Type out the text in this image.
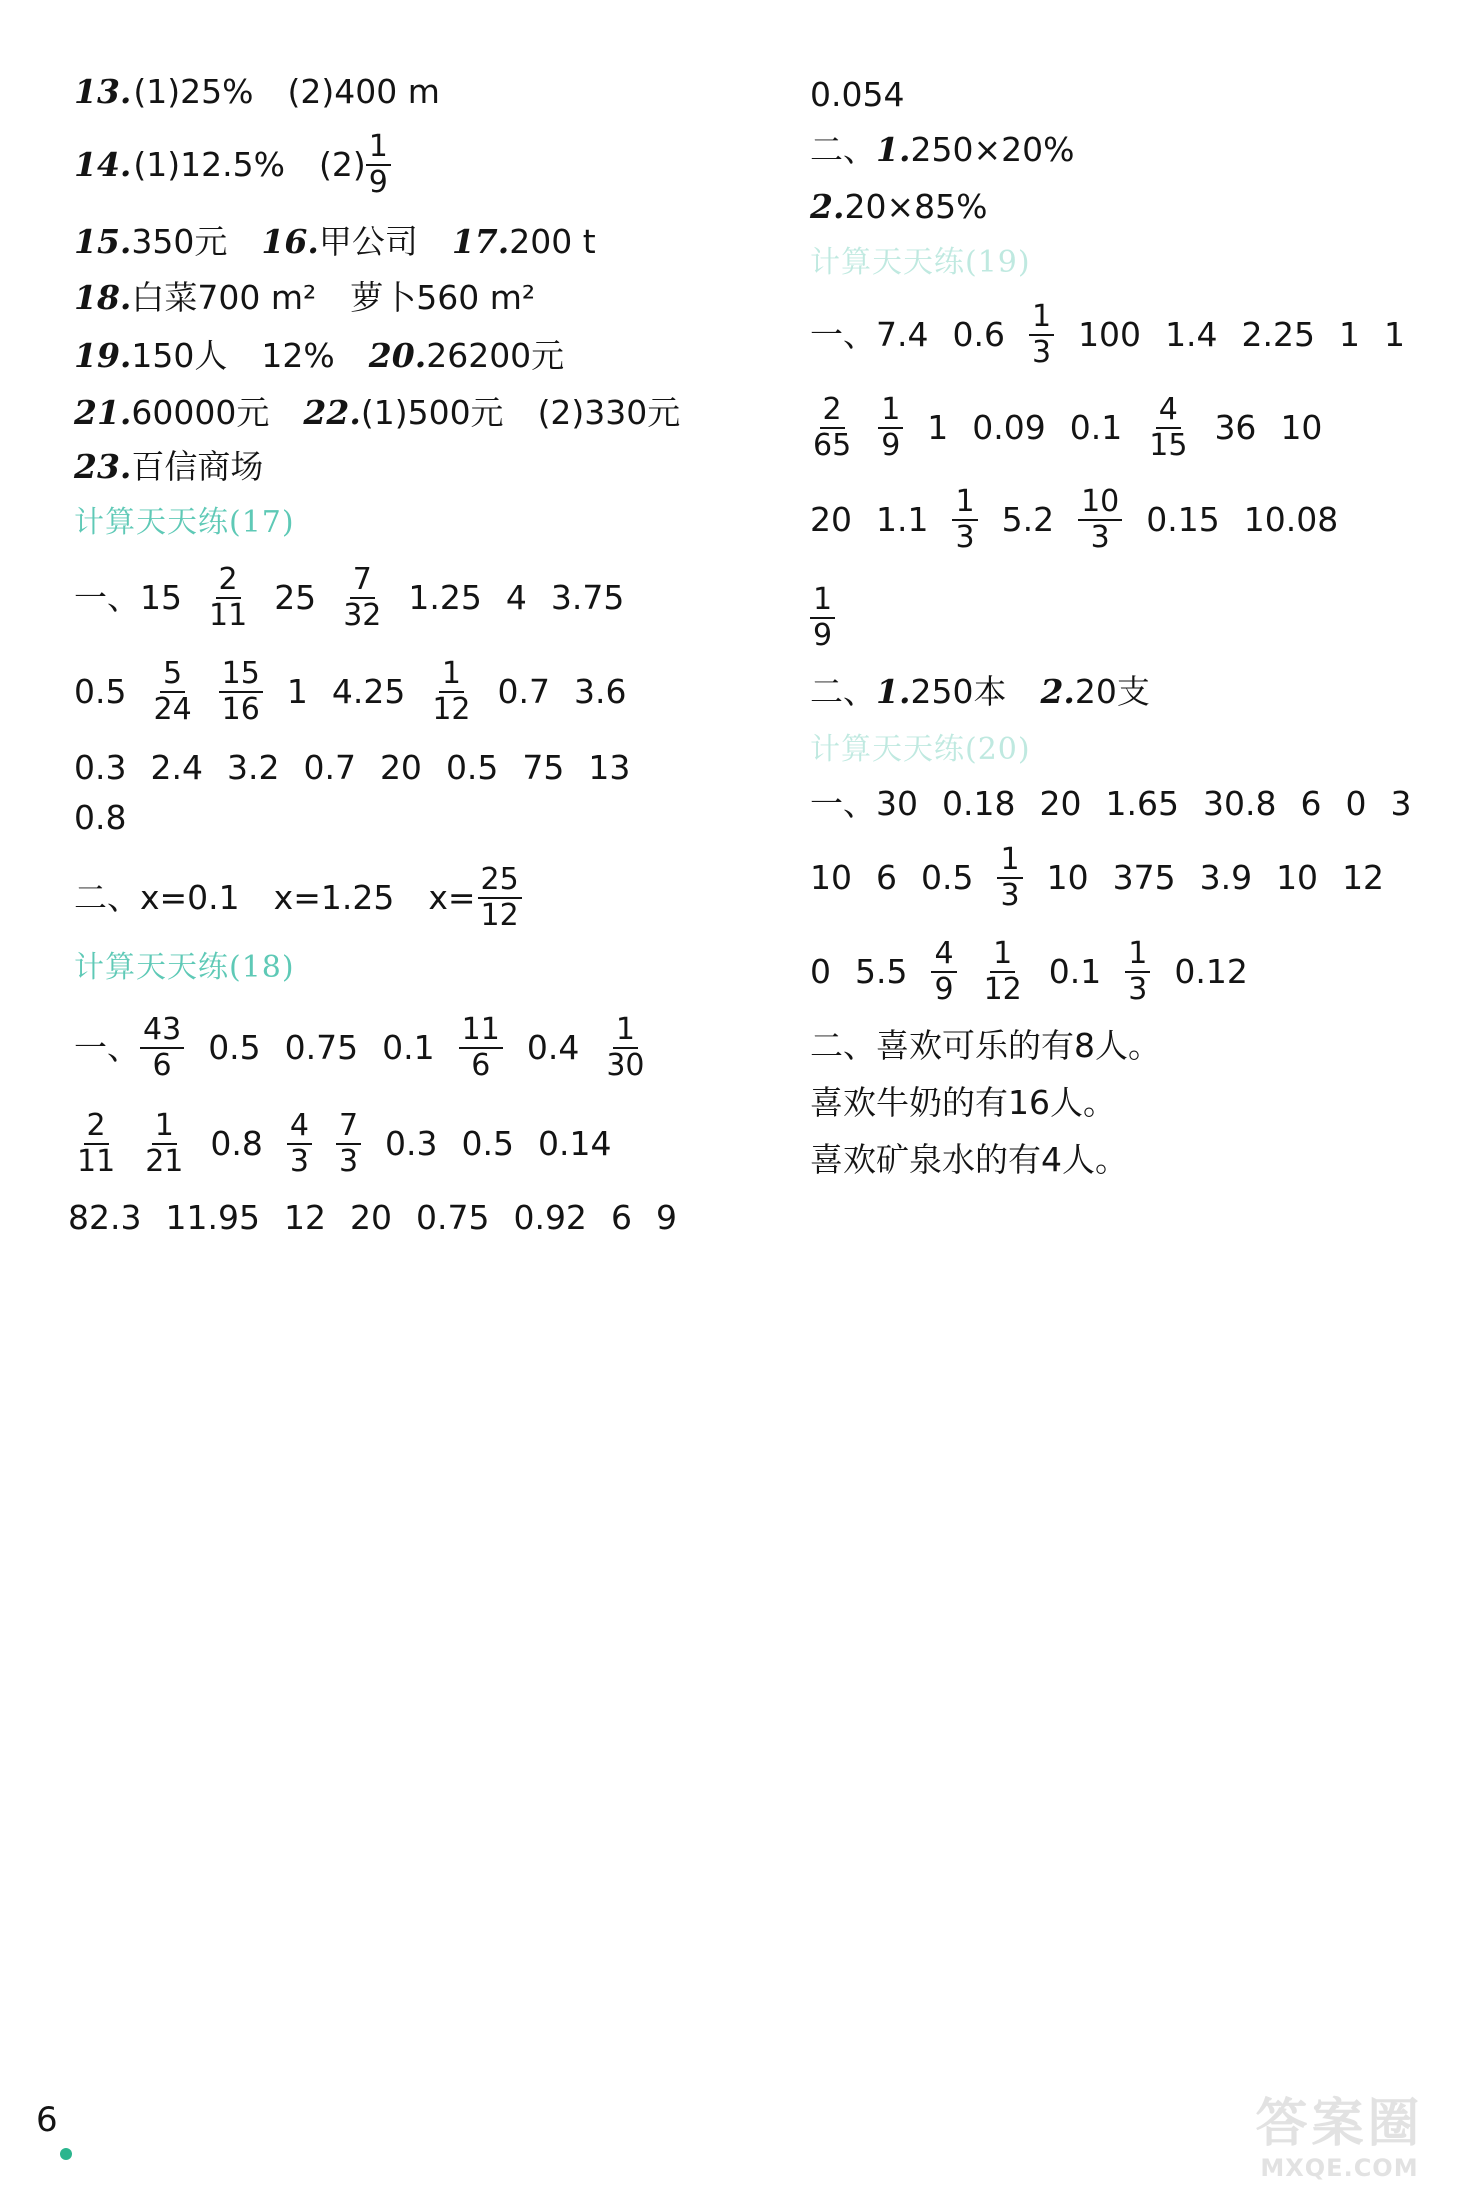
13. (1)25% (2)400 m
14. (1)12.5% $(2) \frac{1}{9}$
15. 350元 16. 甲公司 17. 200 t
18. 白菜700 m² 萝卜560 m²
19. 150人 12% 20. 26200元
21. 60000元 22. (1)500元 (2)330元
23. 百信商场
计算天天练(17)
一、$15 \frac{2}{11} 25 \frac{7}{32} 1.25$ 4 3.75
$0.5 \frac{5}{24} \frac{15}{16} 1$ $4.25 \frac{1}{12} 0.7$ 3.6
0.3 2.4 3.2 0.7 20 0.5 75 13
0.8
二、 x=0.1 x=1.25 $x= \frac{25}{12}$
计算天天练(18)
一、 $\frac{43}{6} 0.5$ 0.75 $0.1 \frac{11}{6} 0.4 \frac{1}{30}$
$\frac{2}{11} \frac{1}{21} 0.8 \frac{4}{3} \frac{7}{3} 0.3$ 0.5 0.14
82.3 11.95 12 20 0.75 0.92 6 9
0.054
二、 1. 250×20%
2. 20×85%
计算天天练(19)
一、7.4 $0.6 \frac{1}{3} 100$ 1.4 2.25 1 1
$\frac{2}{65} \frac{1}{9} 1$ 0.09 $0.1 \frac{4}{15} 36$ 10
20 $1.1 \frac{1}{3} 5.2 \frac{10}{3} 0.15$ 10.08
$\frac{1}{9}$
二、 1. 250本 2. 20支
计算天天练(20)
一、30 0.18 20 1.65 30.8 6 0 3
10 6 $0.5 \frac{1}{3} 10$ 375 3.9 10 12
0 $5.5 \frac{4}{9} \frac{1}{12} 0.1 \frac{1}{3} 0.12$
二、喜欢可乐的有8人。
喜欢牛奶的有16人。
喜欢矿泉水的有4人。
6	答案圈
MXQE.COM
